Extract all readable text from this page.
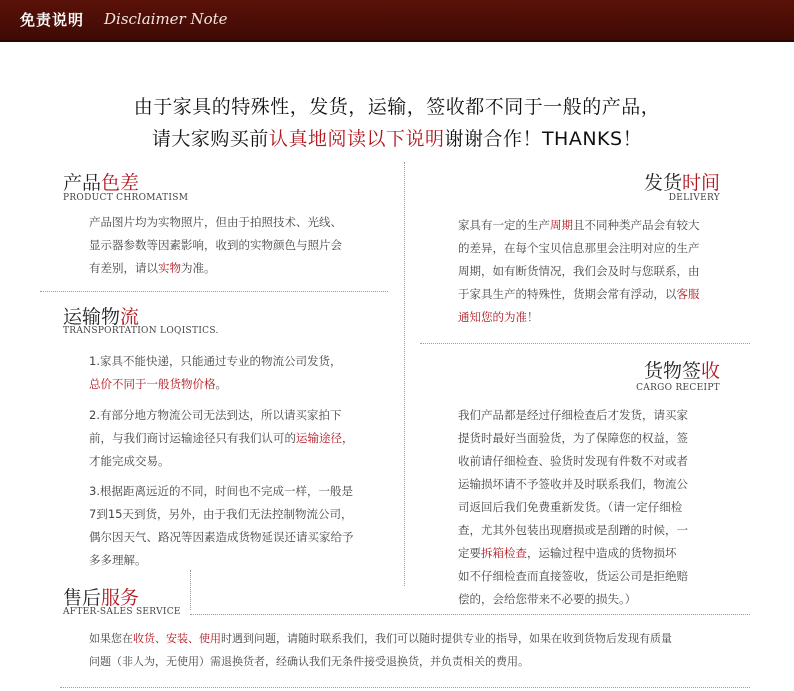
免责说明 Disclaimer Note
由于家具的特殊性，发货，运输，签收都不同于一般的产品，
请大家购买前认真地阅读以下说明谢谢合作！THANKS！
产品色差
PRODUCT CHROMATISM
产品图片均为实物照片，但由于拍照技术、光线、
显示器参数等因素影响，收到的实物颜色与照片会
有差别，请以实物为准。
发货时间
DELIVERY
家具有一定的生产周期且不同种类产品会有较大
的差异，在每个宝贝信息那里会注明对应的生产
周期，如有断货情况，我们会及时与您联系，由
于家具生产的特殊性，货期会常有浮动，以客服
通知您的为准！
运输物流
TRANSPORTATION LOQISTICS.
1.家具不能快递，只能通过专业的物流公司发货，
总价不同于一般货物价格。
2.有部分地方物流公司无法到达，所以请买家拍下
前，与我们商讨运输途径只有我们认可的运输途径，
才能完成交易。
3.根据距离远近的不同，时间也不完成一样，一般是
7到15天到货，另外，由于我们无法控制物流公司，
偶尔因天气、路况等因素造成货物延误还请买家给予
多多理解。
货物签收
CARGO RECEIPT
我们产品都是经过仔细检查后才发货，请买家
提货时最好当面验货，为了保障您的权益，签
收前请仔细检查、验货时发现有件数不对或者
运输损坏请不予签收并及时联系我们，物流公
司返回后我们免费重新发货。（请一定仔细检
查，尤其外包装出现磨损或是刮蹭的时候，一
定要拆箱检查，运输过程中造成的货物损坏
如不仔细检查而直接签收，货运公司是拒绝赔
偿的，会给您带来不必要的损失。）
售后服务
AFTER-SALES SERVICE
如果您在收货、安装、使用时遇到问题，请随时联系我们，我们可以随时提供专业的指导，如果在收到货物后发现有质量
问题（非人为，无使用）需退换货者，经确认我们无条件接受退换货，并负责相关的费用。
